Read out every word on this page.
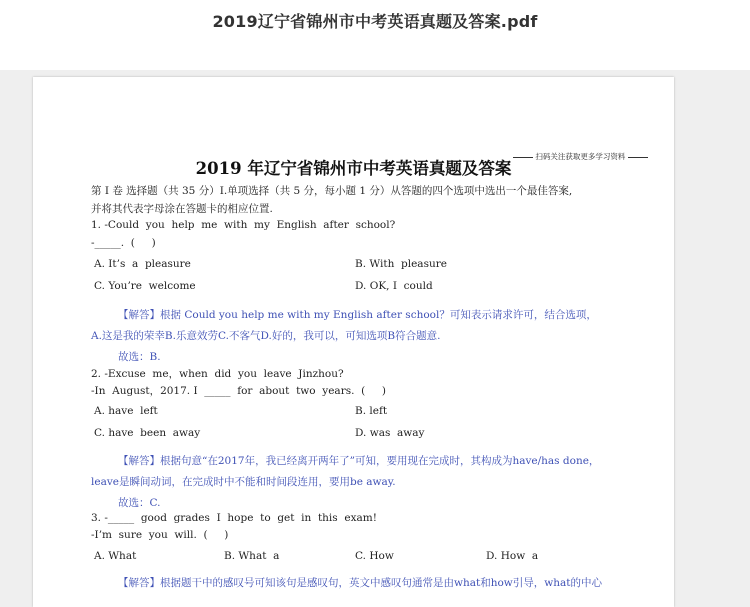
2019辽宁省锦州市中考英语真题及答案.pdf
扫码关注获取更多学习资料
2019 年辽宁省锦州市中考英语真题及答案
第 I 卷 选择题（共 35 分）I.单项选择（共 5 分，每小题 1 分）从答题的四个选项中选出一个最佳答案,
并将其代表字母涂在答题卡的相应位置.
1. -Could  you  help  me  with  my  English  after  school?
-_____.  (     )
A. It’s  a  pleasure	B. With  pleasure
C. You’re  welcome	D. OK, I  could
【解答】根据 Could you help me with my English after school？可知表示请求许可，结合选项，
A.这是我的荣幸B.乐意效劳C.不客气D.好的，我可以，可知选项B符合题意.
故选：B.
2. -Excuse  me，when  did  you  leave  Jinzhou?
-In  August，2017. I  _____  for  about  two  years.  (     )
A. have  left	B. left
C. have  been  away	D. was  away
【解答】根据句意“在2017年，我已经离开两年了”可知，要用现在完成时，其构成为have/has done，
leave是瞬间动词，在完成时中不能和时间段连用，要用be away.
故选：C.
3. -_____  good  grades  I  hope  to  get  in  this  exam!
-I’m  sure  you  will.  (     )
A. What	B. What  a	C. How	D. How  a
【解答】根据题干中的感叹号可知该句是感叹句，英文中感叹句通常是由what和how引导，what的中心
